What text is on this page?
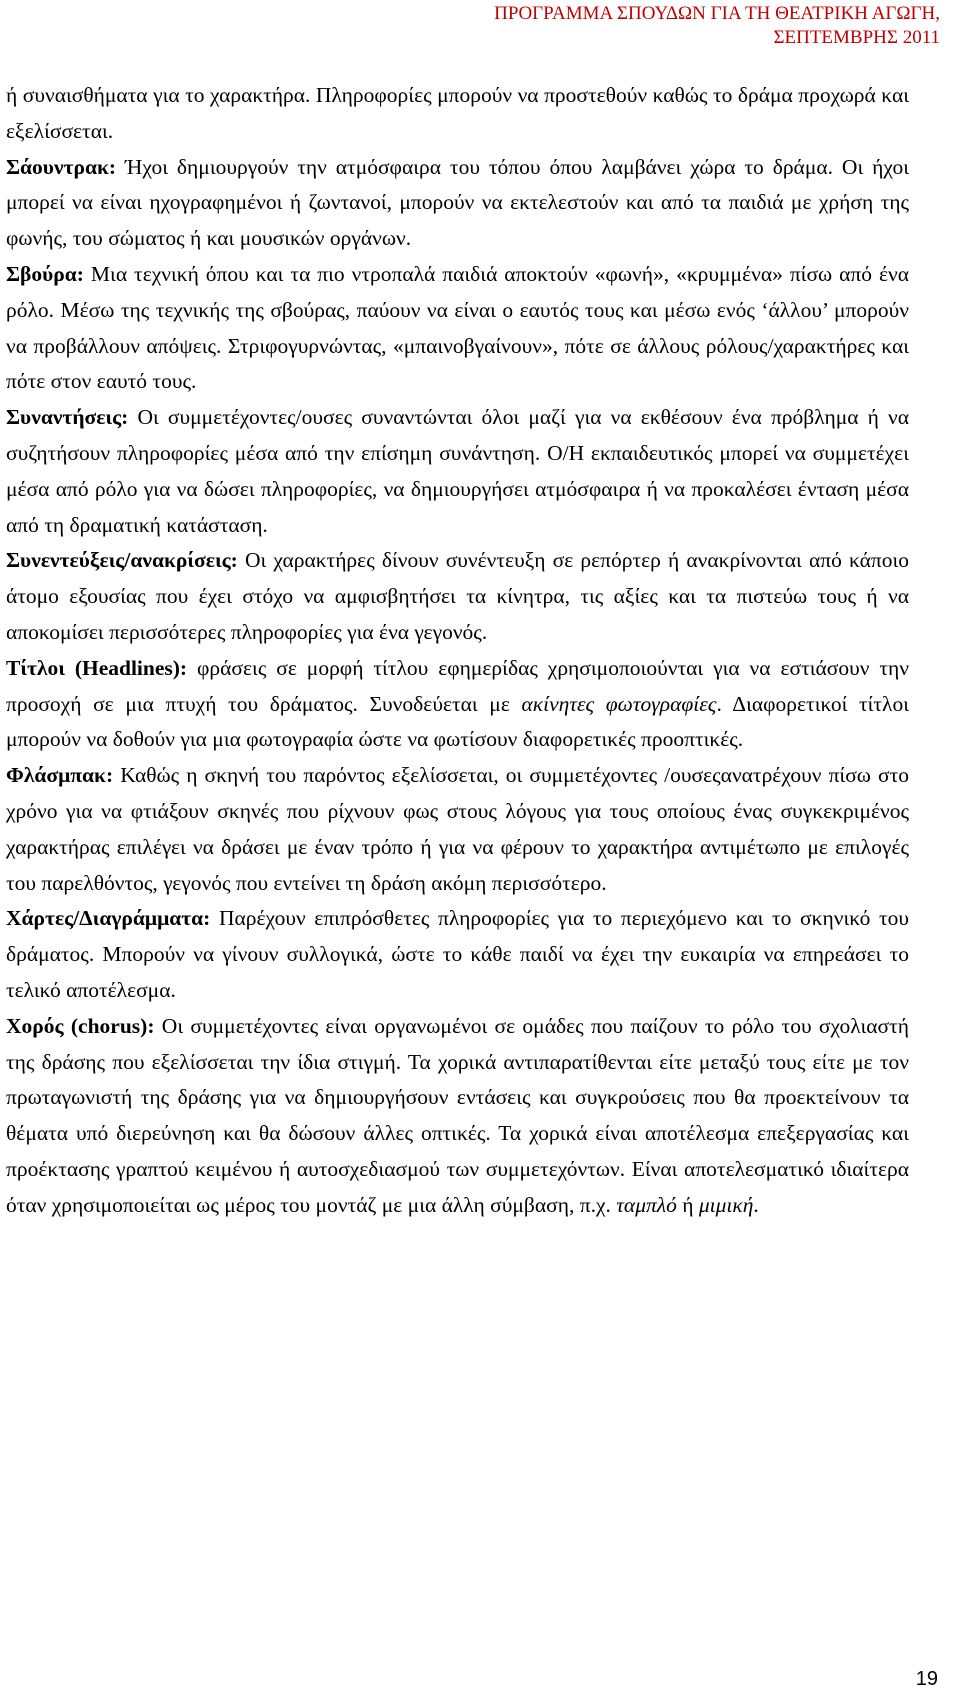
ΠΡΟΓΡΑΜΜΑ ΣΠΟΥΔΩΝ ΓΙΑ ΤΗ ΘΕΑΤΡΙΚΗ ΑΓΩΓΗ,
ΣΕΠΤΕΜΒΡΗΣ 2011

ή συναισθήματα για το χαρακτήρα. Πληροφορίες μπορούν να προστεθούν καθώς το δράμα προχωρά και εξελίσσεται.

Σάουντρακ: Ήχοι δημιουργούν την ατμόσφαιρα του τόπου όπου λαμβάνει χώρα το δράμα. Οι ήχοι μπορεί να είναι ηχογραφημένοι ή ζωντανοί, μπορούν να εκτελεστούν και από τα παιδιά με χρήση της φωνής, του σώματος ή και μουσικών οργάνων.

Σβούρα: Μια τεχνική όπου και τα πιο ντροπαλά παιδιά αποκτούν «φωνή», «κρυμμένα» πίσω από ένα ρόλο. Μέσω της τεχνικής της σβούρας, παύουν να είναι ο εαυτός τους και μέσω ενός ‘άλλου’ μπορούν να προβάλλουν απόψεις. Στριφογυρνώντας, «μπαινοβγαίνουν», πότε σε άλλους ρόλους/χαρακτήρες και πότε στον εαυτό τους.

Συναντήσεις: Οι συμμετέχοντες/ουσες συναντώνται όλοι μαζί για να εκθέσουν ένα πρόβλημα ή να συζητήσουν πληροφορίες μέσα από την επίσημη συνάντηση. Ο/Η εκπαιδευτικός μπορεί να συμμετέχει μέσα από ρόλο για να δώσει πληροφορίες, να δημιουργήσει ατμόσφαιρα ή να προκαλέσει ένταση μέσα από τη δραματική κατάσταση.

Συνεντεύξεις/ανακρίσεις: Οι χαρακτήρες δίνουν συνέντευξη σε ρεπόρτερ ή ανακρίνονται από κάποιο άτομο εξουσίας που έχει στόχο να αμφισβητήσει τα κίνητρα, τις αξίες και τα πιστεύω τους ή να αποκομίσει περισσότερες πληροφορίες για ένα γεγονός.

Τίτλοι (Headlines): φράσεις σε μορφή τίτλου εφημερίδας χρησιμοποιούνται για να εστιάσουν την προσοχή σε μια πτυχή του δράματος. Συνοδεύεται με ακίνητες φωτογραφίες. Διαφορετικοί τίτλοι μπορούν να δοθούν για μια φωτογραφία ώστε να φωτίσουν διαφορετικές προοπτικές.

Φλάσμπακ: Καθώς η σκηνή του παρόντος εξελίσσεται, οι συμμετέχοντες /ουσεςανατρέχουν πίσω στο χρόνο για να φτιάξουν σκηνές που ρίχνουν φως στους λόγους για τους οποίους ένας συγκεκριμένος χαρακτήρας επιλέγει να δράσει με έναν τρόπο ή για να φέρουν το χαρακτήρα αντιμέτωπο με επιλογές του παρελθόντος, γεγονός που εντείνει τη δράση ακόμη περισσότερο.

Χάρτες/Διαγράμματα: Παρέχουν επιπρόσθετες πληροφορίες για το περιεχόμενο και το σκηνικό του δράματος. Μπορούν να γίνουν συλλογικά, ώστε το κάθε παιδί να έχει την ευκαιρία να επηρεάσει το τελικό αποτέλεσμα.

Χορός (chorus): Οι συμμετέχοντες είναι οργανωμένοι σε ομάδες που παίζουν το ρόλο του σχολιαστή της δράσης που εξελίσσεται την ίδια στιγμή. Τα χορικά αντιπαρατίθενται είτε μεταξύ τους είτε με τον πρωταγωνιστή της δράσης για να δημιουργήσουν εντάσεις και συγκρούσεις που θα προεκτείνουν τα θέματα υπό διερεύνηση και θα δώσουν άλλες οπτικές. Τα χορικά είναι αποτέλεσμα επεξεργασίας και προέκτασης γραπτού κειμένου ή αυτοσχεδιασμού των συμμετεχόντων. Είναι αποτελεσματικό ιδιαίτερα όταν χρησιμοποιείται ως μέρος του μοντάζ με μια άλλη σύμβαση, π.χ. ταμπλό ή μιμική.

19
